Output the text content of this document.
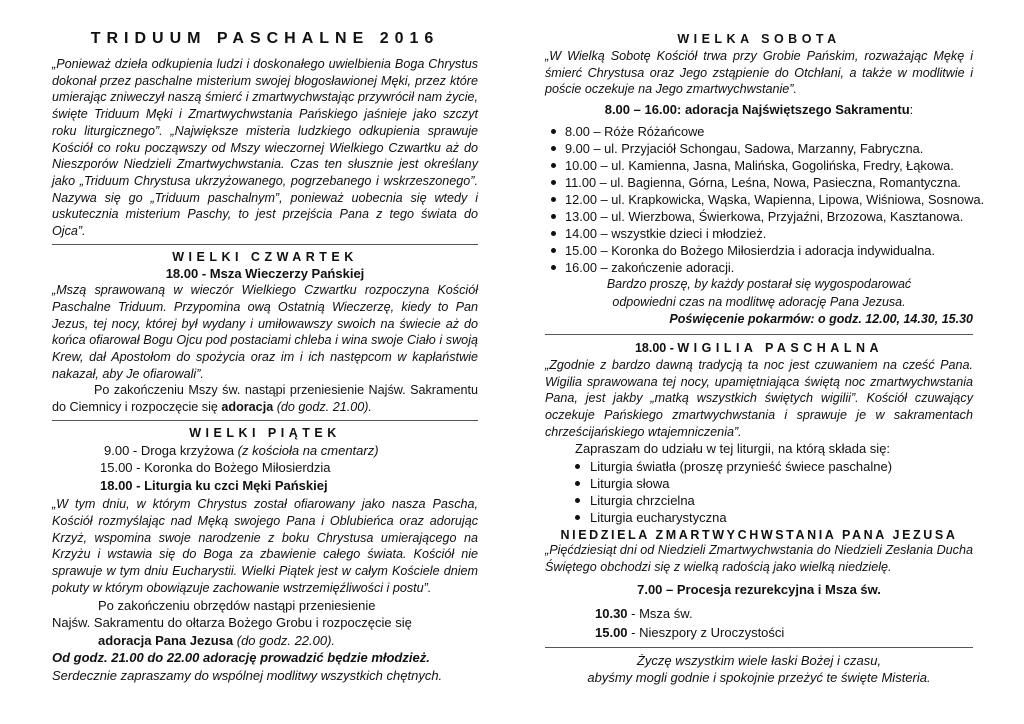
TRIDUUM PASCHALNE 2016

„Ponieważ dzieła odkupienia ludzi i doskonałego uwielbienia Boga Chrystus dokonał przez paschalne misterium swojej błogosławionej Męki, przez które umierając zniweczył naszą śmierć i zmartwychwstając przywrócił nam życie, święte Triduum Męki i Zmartwychwstania Pańskiego jaśnieje jako szczyt roku liturgicznego”. „Największe misteria ludzkiego odkupienia sprawuje Kościół co roku począwszy od Mszy wieczornej Wielkiego Czwartku aż do Nieszporów Niedzieli Zmartwychwstania. Czas ten słusznie jest określany jako „Triduum Chrystusa ukrzyżowanego, pogrzebanego i wskrzeszonego”. Nazywa się go „Triduum paschalnym”, ponieważ uobecnia się wtedy i uskutecznia misterium Paschy, to jest przejścia Pana z tego świata do Ojca”.

WIELKI CZWARTEK

18.00 - Msza Wieczerzy Pańskiej

„Mszą sprawowaną w wieczór Wielkiego Czwartku rozpoczyna Kościół Paschalne Triduum. Przypomina ową Ostatnią Wieczerzę, kiedy to Pan Jezus, tej nocy, której był wydany i umiłowawszy swoich na świecie aż do końca ofiarował Bogu Ojcu pod postaciami chleba i wina swoje Ciało i swoją Krew, dał Apostołom do spożycia oraz im i ich następcom w kapłaństwie nakazał, aby Je ofiarowali”.

Po zakończeniu Mszy św. nastąpi przeniesienie Najśw. Sakramentu do Ciemnicy i rozpoczęcie się adoracja (do godz. 21.00).

WIELKI PIĄTEK

9.00 - Droga krzyżowa (z kościoła na cmentarz)

15.00 - Koronka do Bożego Miłosierdzia

18.00 - Liturgia ku czci Męki Pańskiej

„W tym dniu, w którym Chrystus został ofiarowany jako nasza Pascha, Kościół rozmyślając nad Męką swojego Pana i Oblubieńca oraz adorując Krzyż, wspomina swoje narodzenie z boku Chrystusa umierającego na Krzyżu i wstawia się do Boga za zbawienie całego świata. Kościół nie sprawuje w tym dniu Eucharystii. Wielki Piątek jest w całym Kościele dniem pokuty w którym obowiązuje zachowanie wstrzemięźliwości i postu”.

Po zakończeniu obrzędów nastąpi przeniesienie

Najśw. Sakramentu do ołtarza Bożego Grobu i rozpoczęcie się

adoracja Pana Jezusa (do godz. 22.00).

Od godz. 21.00 do 22.00 adorację prowadzić będzie młodzież.

Serdecznie zapraszamy do wspólnej modlitwy wszystkich chętnych.

WIELKA SOBOTA

„W Wielką Sobotę Kościół trwa przy Grobie Pańskim, rozważając Mękę i śmierć Chrystusa oraz Jego zstąpienie do Otchłani, a także w modlitwie i poście oczekuje na Jego zmartwychwstanie”.

8.00 – 16.00: adoracja Najświętszego Sakramentu:

8.00 – Róże Różańcowe
9.00 – ul. Przyjaciół Schongau, Sadowa, Marzanny, Fabryczna.
10.00 – ul. Kamienna, Jasna, Malińska, Gogolińska, Fredry, Łąkowa.
11.00 – ul. Bagienna, Górna, Leśna, Nowa, Pasieczna, Romantyczna.
12.00 – ul. Krapkowicka, Wąska, Wapienna, Lipowa, Wiśniowa, Sosnowa.
13.00 – ul. Wierzbowa, Świerkowa, Przyjaźni, Brzozowa, Kasztanowa.
14.00 – wszystkie dzieci i młodzież.
15.00 – Koronka do Bożego Miłosierdzia i adoracja indywidualna.
16.00 – zakończenie adoracji.

Bardzo proszę, by każdy postarał się wygospodarować

odpowiedni czas na modlitwę adorację Pana Jezusa.

Poświęcenie pokarmów: o godz. 12.00, 14.30, 15.30

18.00 - WIGILIA PASCHALNA

„Zgodnie z bardzo dawną tradycją ta noc jest czuwaniem na cześć Pana. Wigilia sprawowana tej nocy, upamiętniająca świętą noc zmartwychwstania Pana, jest jakby „matką wszystkich świętych wigilii”. Kościół czuwający oczekuje Pańskiego zmartwychwstania i sprawuje je w sakramentach chrześcijańskiego wtajemniczenia”.

Zapraszam do udziału w tej liturgii, na którą składa się:

Liturgia światła (proszę przynieść świece paschalne)
Liturgia słowa
Liturgia chrzcielna
Liturgia eucharystyczna

NIEDZIELA ZMARTWYCHWSTANIA PANA JEZUSA

„Pięćdziesiąt dni od Niedzieli Zmartwychwstania do Niedzieli Zesłania Ducha Świętego obchodzi się z wielką radością jako wielką niedzielę.

7.00 – Procesja rezurekcyjna i Msza św.

10.30 - Msza św.

15.00 - Nieszpory z Uroczystości

Życzę wszystkim wiele łaski Bożej i czasu,

abyśmy mogli godnie i spokojnie przeżyć te święte Misteria.
